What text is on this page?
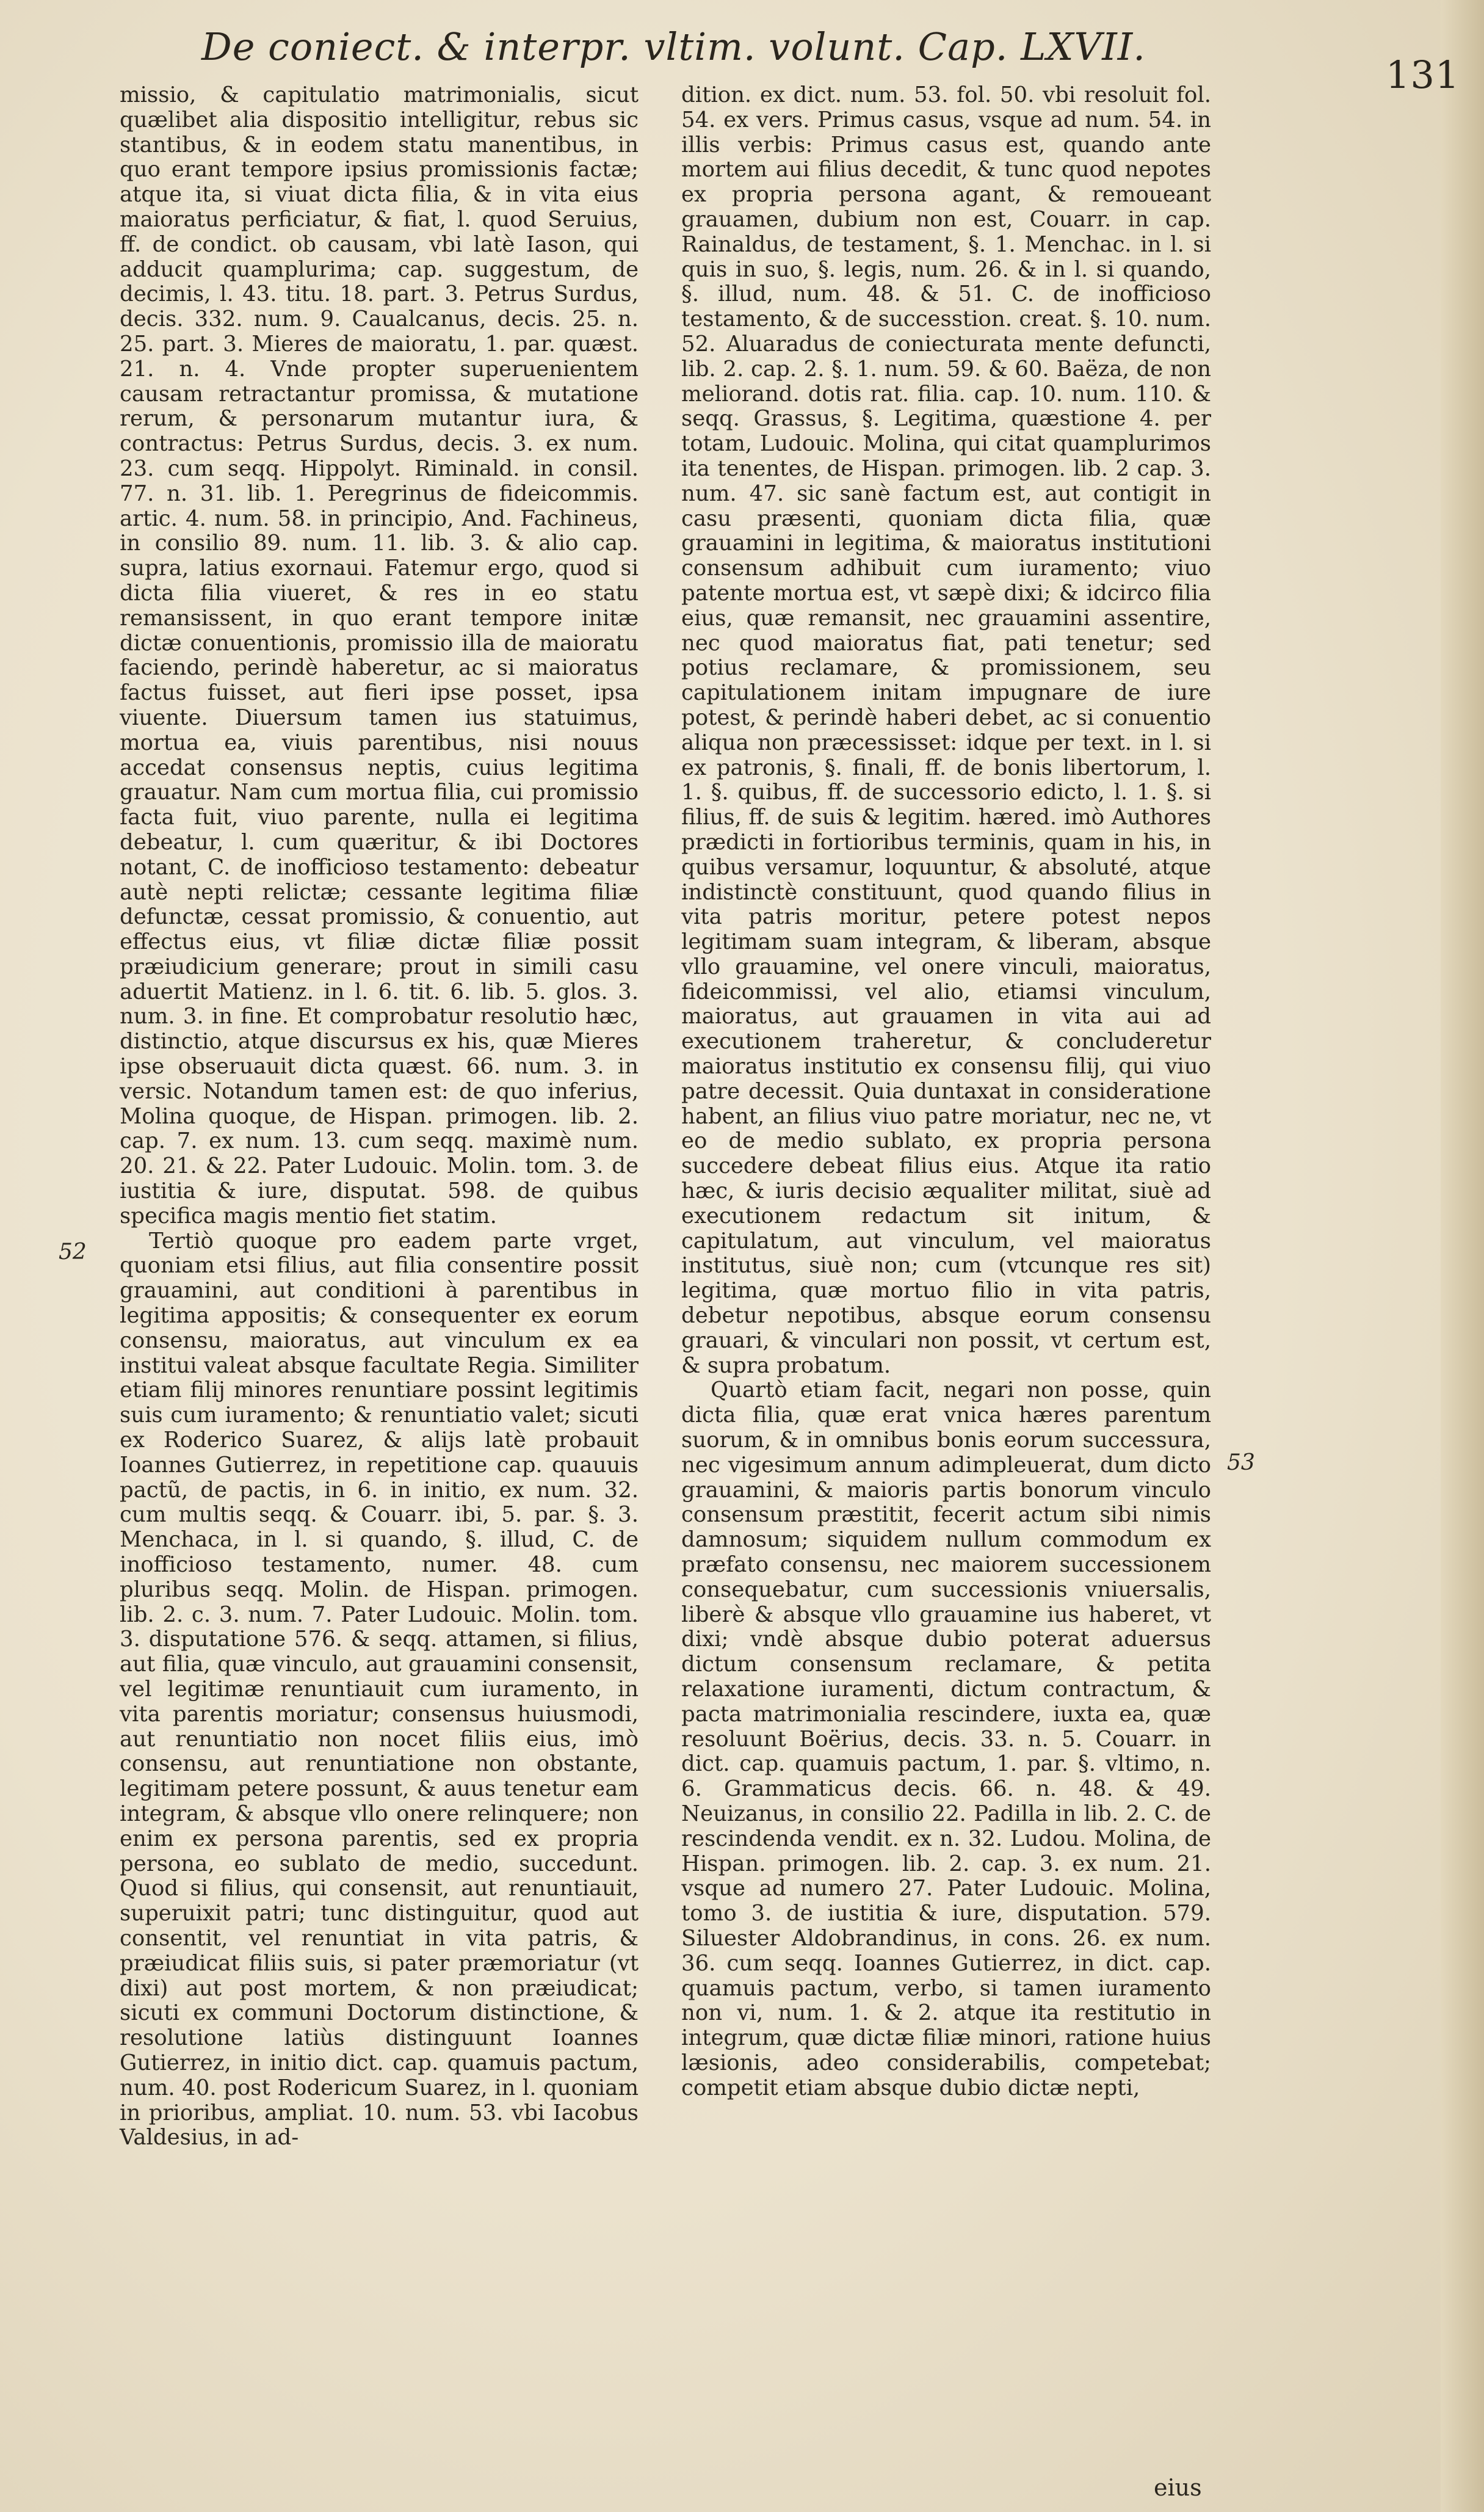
De coniect. & interpr. vltim. volunt. Cap. LXVII.
131
52
53

missio, & capitulatio matrimonialis, sicut quælibet alia dispositio intelligitur, rebus sic stantibus, & in eodem statu manentibus, in quo erant tempore ipsius promissionis factæ; atque ita, si viuat dicta filia, & in vita eius maioratus perficiatur, & fiat, l. quod Seruius, ff. de condict. ob causam, vbi latè Iason, qui adducit quamplurima; cap. suggestum, de decimis, l. 43. titu. 18. part. 3. Petrus Surdus, decis. 332. num. 9. Caualcanus, decis. 25. n. 25. part. 3. Mieres de maioratu, 1. par. quæst. 21. n. 4. Vnde propter superuenientem causam retractantur promissa, & mutatione rerum, & personarum mutantur iura, & contractus: Petrus Surdus, decis. 3. ex num. 23. cum seqq. Hippolyt. Riminald. in consil. 77. n. 31. lib. 1. Peregrinus de fideicommis. artic. 4. num. 58. in principio, And. Fachineus, in consilio 89. num. 11. lib. 3. & alio cap. supra, latius exornaui. Fatemur ergo, quod si dicta filia viueret, & res in eo statu remansissent, in quo erant tempore initæ dictæ conuentionis, promissio illa de maioratu faciendo, perindè haberetur, ac si maioratus factus fuisset, aut fieri ipse posset, ipsa viuente. Diuersum tamen ius statuimus, mortua ea, viuis parentibus, nisi nouus accedat consensus neptis, cuius legitima grauatur. Nam cum mortua filia, cui promissio facta fuit, viuo parente, nulla ei legitima debeatur, l. cum quæritur, & ibi Doctores notant, C. de inofficioso testamento: debeatur autè nepti relictæ; cessante legitima filiæ defunctæ, cessat promissio, & conuentio, aut effectus eius, vt filiæ dictæ filiæ possit præiudicium generare; prout in simili casu aduertit Matienz. in l. 6. tit. 6. lib. 5. glos. 3. num. 3. in fine. Et comprobatur resolutio hæc, distinctio, atque discursus ex his, quæ Mieres ipse obseruauit dicta quæst. 66. num. 3. in versic. Notandum tamen est: de quo inferius, Molina quoque, de Hispan. primogen. lib. 2. cap. 7. ex num. 13. cum seqq. maximè num. 20. 21. & 22. Pater Ludouic. Molin. tom. 3. de iustitia & iure, disputat. 598. de quibus specifica magis mentio fiet statim.

Tertiò quoque pro eadem parte vrget, quoniam etsi filius, aut filia consentire possit grauamini, aut conditioni à parentibus in legitima appositis; & consequenter ex eorum consensu, maioratus, aut vinculum ex ea institui valeat absque facultate Regia. Similiter etiam filij minores renuntiare possint legitimis suis cum iuramento; & renuntiatio valet; sicuti ex Roderico Suarez, & alijs latè probauit Ioannes Gutierrez, in repetitione cap. quauuis pactũ, de pactis, in 6. in initio, ex num. 32. cum multis seqq. & Couarr. ibi, 5. par. §. 3. Menchaca, in l. si quando, §. illud, C. de inofficioso testamento, numer. 48. cum pluribus seqq. Molin. de Hispan. primogen. lib. 2. c. 3. num. 7. Pater Ludouic. Molin. tom. 3. disputatione 576. & seqq. attamen, si filius, aut filia, quæ vinculo, aut grauamini consensit, vel legitimæ renuntiauit cum iuramento, in vita parentis moriatur; consensus huiusmodi, aut renuntiatio non nocet filiis eius, imò consensu, aut renuntiatione non obstante, legitimam petere possunt, & auus tenetur eam integram, & absque vllo onere relinquere; non enim ex persona parentis, sed ex propria persona, eo sublato de medio, succedunt. Quod si filius, qui consensit, aut renuntiauit, superuixit patri; tunc distinguitur, quod aut consentit, vel renuntiat in vita patris, & præiudicat filiis suis, si pater præmoriatur (vt dixi) aut post mortem, & non præiudicat; sicuti ex communi Doctorum distinctione, & resolutione latiùs distinguunt Ioannes Gutierrez, in initio dict. cap. quamuis pactum, num. 40. post Rodericum Suarez, in l. quoniam in prioribus, ampliat. 10. num. 53. vbi Iacobus Valdesius, in ad-

dition. ex dict. num. 53. fol. 50. vbi resoluit fol. 54. ex vers. Primus casus, vsque ad num. 54. in illis verbis: Primus casus est, quando ante mortem aui filius decedit, & tunc quod nepotes ex propria persona agant, & remoueant grauamen, dubium non est, Couarr. in cap. Rainaldus, de testament, §. 1. Menchac. in l. si quis in suo, §. legis, num. 26. & in l. si quando, §. illud, num. 48. & 51. C. de inofficioso testamento, & de successtion. creat. §. 10. num. 52. Aluaradus de coniecturata mente defuncti, lib. 2. cap. 2. §. 1. num. 59. & 60. Baëza, de non meliorand. dotis rat. filia. cap. 10. num. 110. & seqq. Grassus, §. Legitima, quæstione 4. per totam, Ludouic. Molina, qui citat quamplurimos ita tenentes, de Hispan. primogen. lib. 2 cap. 3. num. 47. sic sanè factum est, aut contigit in casu præsenti, quoniam dicta filia, quæ grauamini in legitima, & maioratus institutioni consensum adhibuit cum iuramento; viuo patente mortua est, vt sæpè dixi; & idcirco filia eius, quæ remansit, nec grauamini assentire, nec quod maioratus fiat, pati tenetur; sed potius reclamare, & promissionem, seu capitulationem initam impugnare de iure potest, & perindè haberi debet, ac si conuentio aliqua non præcessisset: idque per text. in l. si ex patronis, §. finali, ff. de bonis libertorum, l. 1. §. quibus, ff. de successorio edicto, l. 1. §. si filius, ff. de suis & legitim. hæred. imò Authores prædicti in fortioribus terminis, quam in his, in quibus versamur, loquuntur, & absoluté, atque indistinctè constituunt, quod quando filius in vita patris moritur, petere potest nepos legitimam suam integram, & liberam, absque vllo grauamine, vel onere vinculi, maioratus, fideicommissi, vel alio, etiamsi vinculum, maioratus, aut grauamen in vita aui ad executionem traheretur, & concluderetur maioratus institutio ex consensu filij, qui viuo patre decessit. Quia duntaxat in consideratione habent, an filius viuo patre moriatur, nec ne, vt eo de medio sublato, ex propria persona succedere debeat filius eius. Atque ita ratio hæc, & iuris decisio æqualiter militat, siuè ad executionem redactum sit initum, & capitulatum, aut vinculum, vel maioratus institutus, siuè non; cum (vtcunque res sit) legitima, quæ mortuo filio in vita patris, debetur nepotibus, absque eorum consensu grauari, & vinculari non possit, vt certum est, & supra probatum.

Quartò etiam facit, negari non posse, quin dicta filia, quæ erat vnica hæres parentum suorum, & in omnibus bonis eorum successura, nec vigesimum annum adimpleuerat, dum dicto grauamini, & maioris partis bonorum vinculo consensum præstitit, fecerit actum sibi nimis damnosum; siquidem nullum commodum ex præfato consensu, nec maiorem successionem consequebatur, cum successionis vniuersalis, liberè & absque vllo grauamine ius haberet, vt dixi; vndè absque dubio poterat aduersus dictum consensum reclamare, & petita relaxatione iuramenti, dictum contractum, & pacta matrimonialia rescindere, iuxta ea, quæ resoluunt Boërius, decis. 33. n. 5. Couarr. in dict. cap. quamuis pactum, 1. par. §. vltimo, n. 6. Grammaticus decis. 66. n. 48. & 49. Neuizanus, in consilio 22. Padilla in lib. 2. C. de rescindenda vendit. ex n. 32. Ludou. Molina, de Hispan. primogen. lib. 2. cap. 3. ex num. 21. vsque ad numero 27. Pater Ludouic. Molina, tomo 3. de iustitia & iure, disputation. 579. Siluester Aldobrandinus, in cons. 26. ex num. 36. cum seqq. Ioannes Gutierrez, in dict. cap. quamuis pactum, verbo, si tamen iuramento non vi, num. 1. & 2. atque ita restitutio in integrum, quæ dictæ filiæ minori, ratione huius læsionis, adeo considerabilis, competebat; competit etiam absque dubio dictæ nepti,

eius
